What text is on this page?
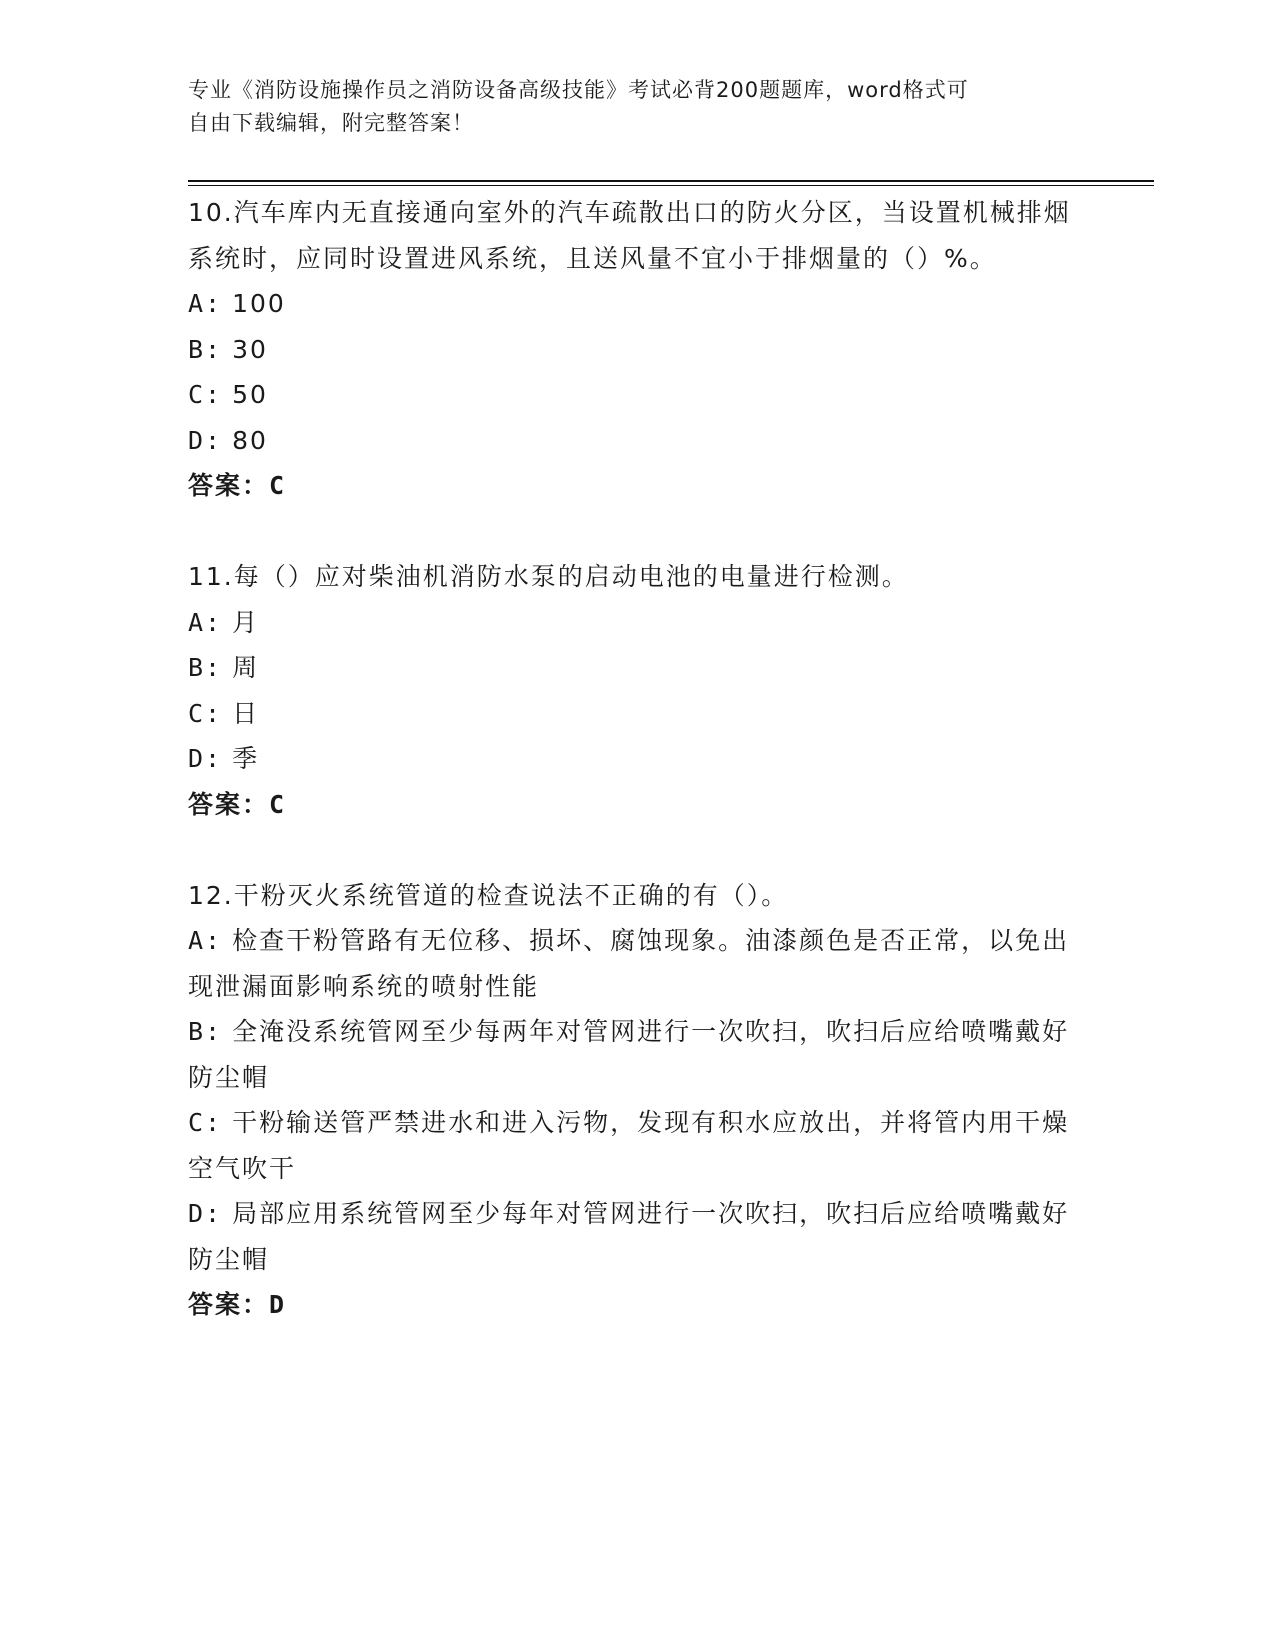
专业《消防设施操作员之消防设备高级技能》考试必背200题题库，word格式可
自由下载编辑，附完整答案！

10.汽车库内无直接通向室外的汽车疏散出口的防火分区，当设置机械排烟系统时，应同时设置进风系统，且送风量不宜小于排烟量的（）%。

A: 100

B: 30

C: 50

D: 80

答案：C

11.每（）应对柴油机消防水泵的启动电池的电量进行检测。

A: 月

B: 周

C: 日

D: 季

答案：C

12.干粉灭火系统管道的检查说法不正确的有（）。

A: 检查干粉管路有无位移、损坏、腐蚀现象。油漆颜色是否正常，以免出现泄漏面影响系统的喷射性能

B: 全淹没系统管网至少每两年对管网进行一次吹扫，吹扫后应给喷嘴戴好防尘帽

C: 干粉输送管严禁进水和进入污物，发现有积水应放出，并将管内用干燥空气吹干

D: 局部应用系统管网至少每年对管网进行一次吹扫，吹扫后应给喷嘴戴好防尘帽

答案：D
